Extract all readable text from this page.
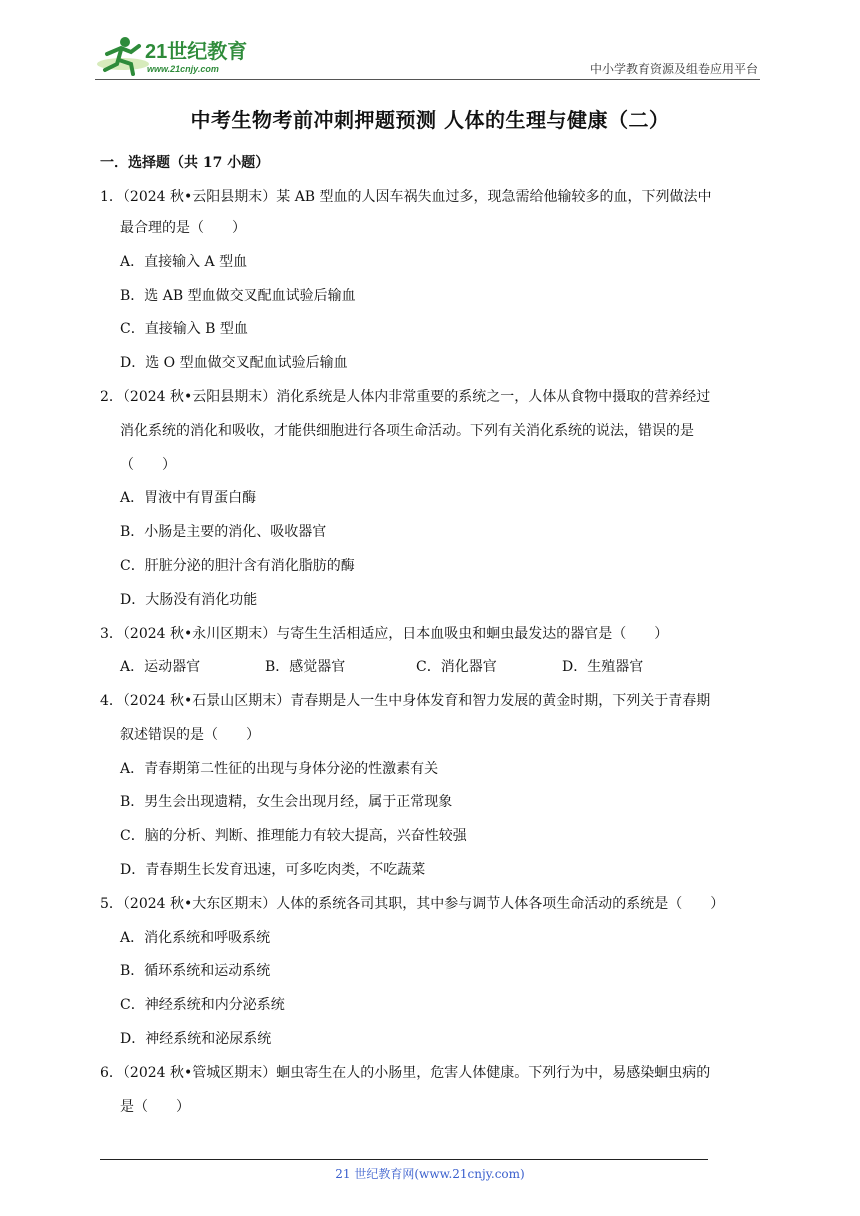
21世纪教育
www.21cnjy.com	中小学教育资源及组卷应用平台
中考生物考前冲刺押题预测 人体的生理与健康（二）
一．选择题（共 17 小题）
1．（2024 秋•云阳县期末）某 AB 型血的人因车祸失血过多，现急需给他输较多的血，下列做法中
最合理的是（　　）
A．直接输入 A 型血
B．选 AB 型血做交叉配血试验后输血
C．直接输入 B 型血
D．选 O 型血做交叉配血试验后输血
2．（2024 秋•云阳县期末）消化系统是人体内非常重要的系统之一，人体从食物中摄取的营养经过
消化系统的消化和吸收，才能供细胞进行各项生命活动。下列有关消化系统的说法，错误的是
（　　）
A．胃液中有胃蛋白酶
B．小肠是主要的消化、吸收器官
C．肝脏分泌的胆汁含有消化脂肪的酶
D．大肠没有消化功能
3．（2024 秋•永川区期末）与寄生生活相适应，日本血吸虫和蛔虫最发达的器官是（　　）
A．运动器官	B．感觉器官	C．消化器官	D．生殖器官
4．（2024 秋•石景山区期末）青春期是人一生中身体发育和智力发展的黄金时期，下列关于青春期
叙述错误的是（　　）
A．青春期第二性征的出现与身体分泌的性激素有关
B．男生会出现遗精，女生会出现月经，属于正常现象
C．脑的分析、判断、推理能力有较大提高，兴奋性较强
D．青春期生长发育迅速，可多吃肉类，不吃蔬菜
5．（2024 秋•大东区期末）人体的系统各司其职，其中参与调节人体各项生命活动的系统是（　　）
A．消化系统和呼吸系统
B．循环系统和运动系统
C．神经系统和内分泌系统
D．神经系统和泌尿系统
6．（2024 秋•管城区期末）蛔虫寄生在人的小肠里，危害人体健康。下列行为中，易感染蛔虫病的
是（　　）
21 世纪教育网(www.21cnjy.com)
